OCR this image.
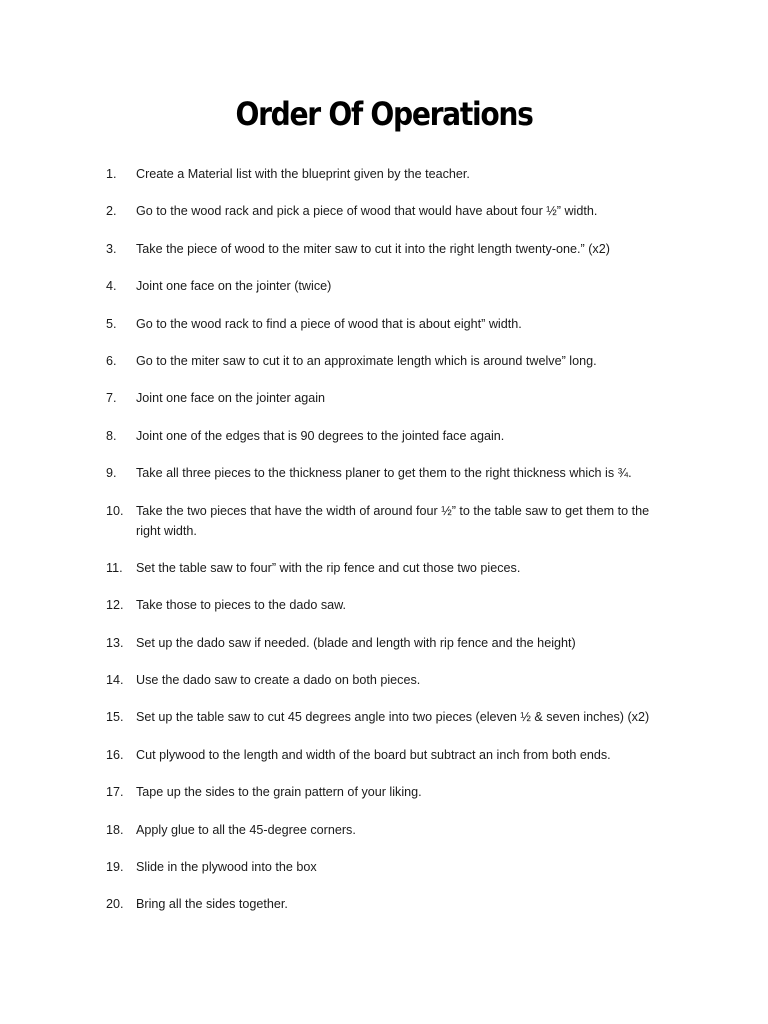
Order Of Operations
1.	Create a Material list with the blueprint given by the teacher.
2.	Go to the wood rack and pick a piece of wood that would have about four ½” width.
3.	Take the piece of wood to the miter saw to cut it into the right length twenty-one.” (x2)
4.	Joint one face on the jointer (twice)
5.	Go to the wood rack to find a piece of wood that is about eight” width.
6.	Go to the miter saw to cut it to an approximate length which is around twelve” long.
7.	Joint one face on the jointer again
8.	Joint one of the edges that is 90 degrees to the jointed face again.
9.	Take all three pieces to the thickness planer to get them to the right thickness which is ¾.
10. Take the two pieces that have the width of around four ½” to the table saw to get them to the right width.
11.	Set the table saw to four” with the rip fence and cut those two pieces.
12. Take those to pieces to the dado saw.
13. Set up the dado saw if needed. (blade and length with rip fence and the height)
14. Use the dado saw to create a dado on both pieces.
15. Set up the table saw to cut 45 degrees angle into two pieces (eleven ½ & seven inches) (x2)
16. Cut plywood to the length and width of the board but subtract an inch from both ends.
17. Tape up the sides to the grain pattern of your liking.
18. Apply glue to all the 45-degree corners.
19. Slide in the plywood into the box
20. Bring all the sides together.
